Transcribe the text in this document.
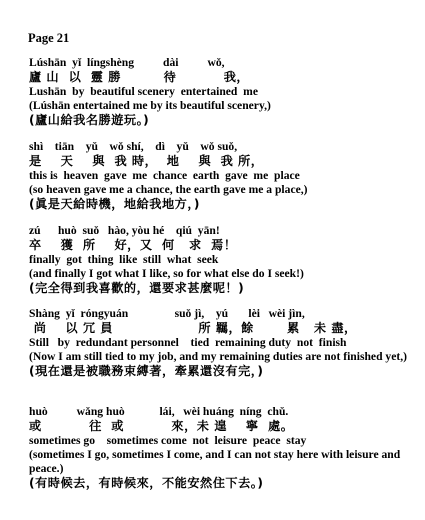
Page 21
Lúshān  yǐ  língshèng          dài          wǒ,
廬 山  以  靈 勝         待          我，
Lushān  by  beautiful scenery  entertained  me
(Lúshān entertained me by its beautiful scenery,)
(廬山給我名勝遊玩。)
shì    tiān    yǔ    wǒ shí,    dì    yǔ    wǒ suǒ,
是    天    與  我 時，  地    與  我 所，
this is  heaven  gave  me  chance  earth  gave  me  place
(so heaven gave me a chance, the earth gave me a place,)
(眞是天給時機，地給我地方，)
zú      huò  suǒ   hào, yòu hé    qiú  yān!
卒    獲  所    好，又  何   求  焉！
finally  got  thing  like  still  what  seek
(and finally I got what I like, so for what else do I seek!)
(完全得到我喜歡的，還要求甚麼呢！)
Shàng  yǐ  róngyuán                suǒ jì,    yú       lèi   wèi jìn,
尚    以 冗 員                  所 羈，餘       累   未 盡，
Still   by  redundant personnel    tied  remaining duty  not  finish
(Now I am still tied to my job, and my remaining duties are not finished yet,)
(現在還是被職務束縛著，牽累還沒有完，)
huò          wǎng huò            lái,   wèi huáng  níng  chǔ.
或          往  或          來，未 遑    寧  處。
sometimes go    sometimes come  not  leisure  peace  stay
(sometimes I go, sometimes I come, and I can not stay here with leisure and peace.)
(有時候去，有時候來，不能安然住下去。)
